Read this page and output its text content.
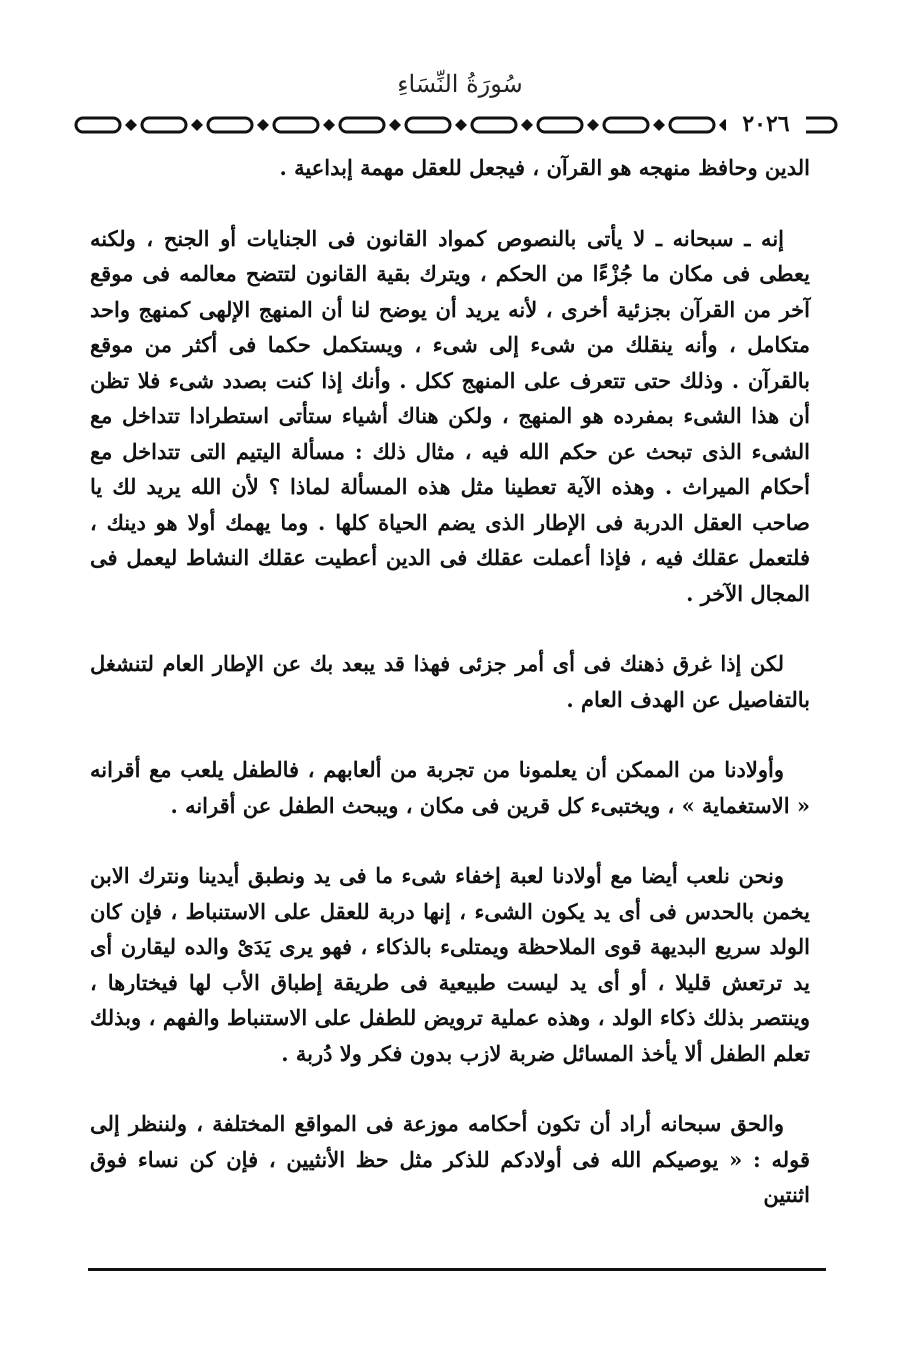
سُورَةُ النِّسَاءِ
٢٠٢٦

الدين وحافظ منهجه هو القرآن ، فيجعل للعقل مهمة إبداعية .

إنه ـ سبحانه ـ لا يأتى بالنصوص كمواد القانون فى الجنايات أو الجنح ، ولكنه يعطى فى مكان ما جُزْءًا من الحكم ، ويترك بقية القانون لتتضح معالمه فى موقع آخر من القرآن بجزئية أخرى ، لأنه يريد أن يوضح لنا أن المنهج الإلهى كمنهج واحد متكامل ، وأنه ينقلك من شىء إلى شىء ، ويستكمل حكما فى أكثر من موقع بالقرآن . وذلك حتى تتعرف على المنهج ككل . وأنك إذا كنت بصدد شىء فلا تظن أن هذا الشىء بمفرده هو المنهج ، ولكن هناك أشياء ستأتى استطرادا تتداخل مع الشىء الذى تبحث عن حكم الله فيه ، مثال ذلك : مسألة اليتيم التى تتداخل مع أحكام الميراث . وهذه الآية تعطينا مثل هذه المسألة لماذا ؟ لأن الله يريد لك يا صاحب العقل الدربة فى الإطار الذى يضم الحياة كلها . وما يهمك أولا هو دينك ، فلتعمل عقلك فيه ، فإذا أعملت عقلك فى الدين أعطيت عقلك النشاط ليعمل فى المجال الآخر .

لكن إذا غرق ذهنك فى أى أمر جزئى فهذا قد يبعد بك عن الإطار العام لتنشغل بالتفاصيل عن الهدف العام .

وأولادنا من الممكن أن يعلمونا من تجربة من ألعابهم ، فالطفل يلعب مع أقرانه « الاستغماية » ، ويختبىء كل قرين فى مكان ، ويبحث الطفل عن أقرانه .

ونحن نلعب أيضا مع أولادنا لعبة إخفاء شىء ما فى يد ونطبق أيدينا ونترك الابن يخمن بالحدس فى أى يد يكون الشىء ، إنها دربة للعقل على الاستنباط ، فإن كان الولد سريع البديهة قوى الملاحظة ويمتلىء بالذكاء ، فهو يرى يَدَىْ والده ليقارن أى يد ترتعش قليلا ، أو أى يد ليست طبيعية فى طريقة إطباق الأب لها فيختارها ، وينتصر بذلك ذكاء الولد ، وهذه عملية ترويض للطفل على الاستنباط والفهم ، وبذلك تعلم الطفل ألا يأخذ المسائل ضربة لازب بدون فكر ولا دُربة .

والحق سبحانه أراد أن تكون أحكامه موزعة فى المواقع المختلفة ، ولننظر إلى قوله : « يوصيكم الله فى أولادكم للذكر مثل حظ الأنثيين ، فإن كن نساء فوق اثنتين
